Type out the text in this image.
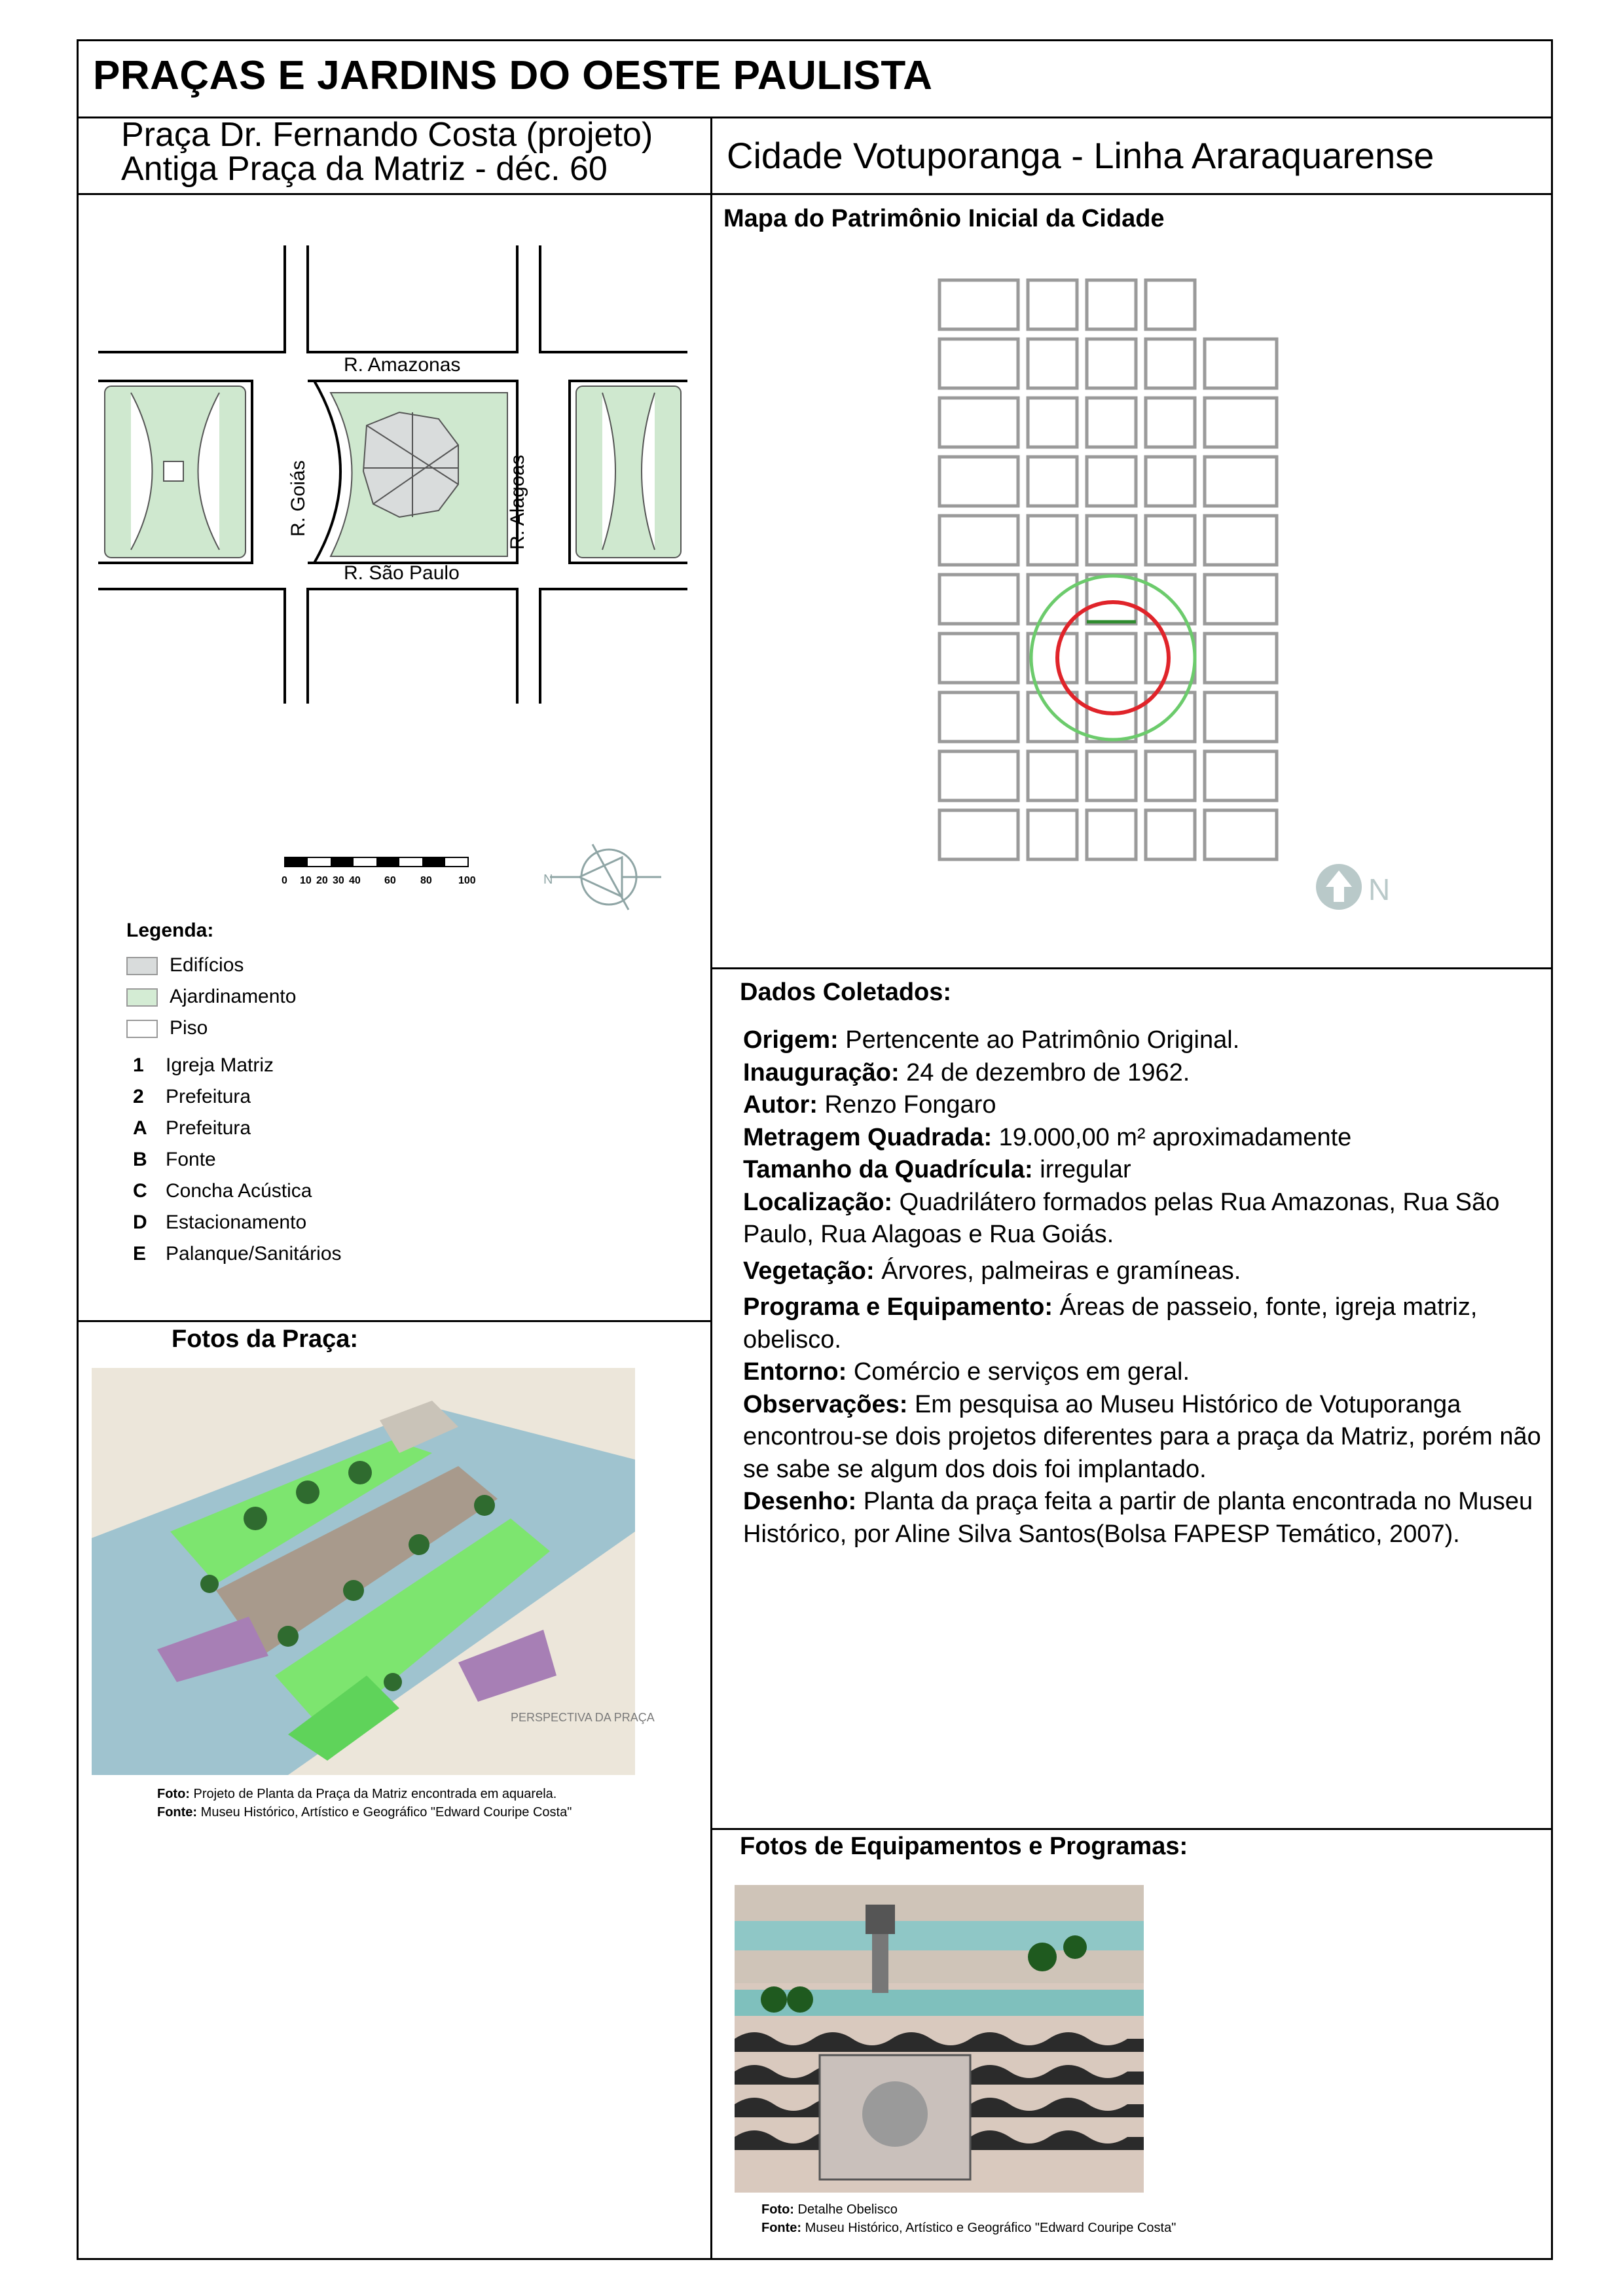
PRAÇAS E JARDINS DO OESTE PAULISTA
Praça Dr. Fernando Costa (projeto)
Antiga Praça da Matriz - déc. 60	Cidade Votuporanga - Linha Araraquarense
R. Amazonas
R. São Paulo
R. Goiás	R. Alagoas
0 10 20 30 40 60 80	100	N
Legenda:
Edifícios
Ajardinamento
Piso
1 Igreja Matriz
2 Prefeitura
A Prefeitura
B Fonte
C Concha Acústica
D Estacionamento
E Palanque/Sanitários
Mapa do Patrimônio Inicial da Cidade
N
Dados Coletados:

Origem: Pertencente ao Patrimônio Original.

Inauguração: 24 de dezembro de 1962.

Autor: Renzo Fongaro

Metragem Quadrada: 19.000,00 m² aproximadamente

Tamanho da Quadrícula: irregular

Localização: Quadrilátero formados pelas Rua Amazonas, Rua São Paulo, Rua Alagoas e Rua Goiás.

Vegetação: Árvores, palmeiras e gramíneas.

Programa e Equipamento: Áreas de passeio, fonte, igreja matriz, obelisco.

Entorno: Comércio e serviços em geral.

Observações: Em pesquisa ao Museu Histórico de Votuporanga encontrou-se dois projetos diferentes para a praça da Matriz, porém não se sabe se algum dos dois foi implantado.

Desenho: Planta da praça feita a partir de planta encontrada no Museu Histórico, por Aline Silva Santos(Bolsa FAPESP Temático, 2007).

Fotos da Praça:
PERSPECTIVA DA PRAÇA
Foto: Projeto de Planta da Praça da Matriz encontrada em aquarela.
Fonte: Museu Histórico, Artístico e Geográfico "Edward Couripe Costa"
Fotos de Equipamentos e Programas:
Foto: Detalhe Obelisco
Fonte: Museu Histórico, Artístico e Geográfico "Edward Couripe Costa"
